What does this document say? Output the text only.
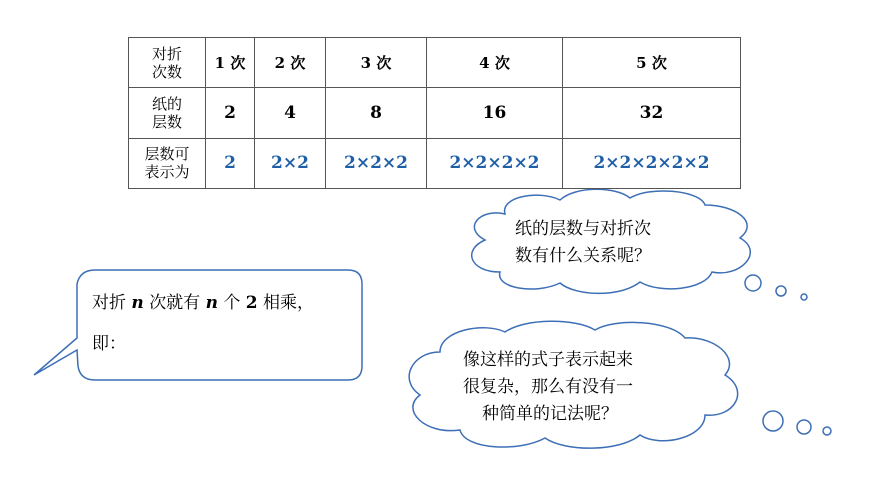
对折
次数	1 次	2 次	3 次	4 次	5 次

纸的
层数	2	4	8	16	32

层数可
表示为	2	2×2	2×2×2	2×2×2×2	2×2×2×2×2
纸的层数与对折次
数有什么关系呢？
对折 n 次就有 n 个 2 相乘，
即：
像这样的式子表示起来
很复杂，那么有没有一
种简单的记法呢？
